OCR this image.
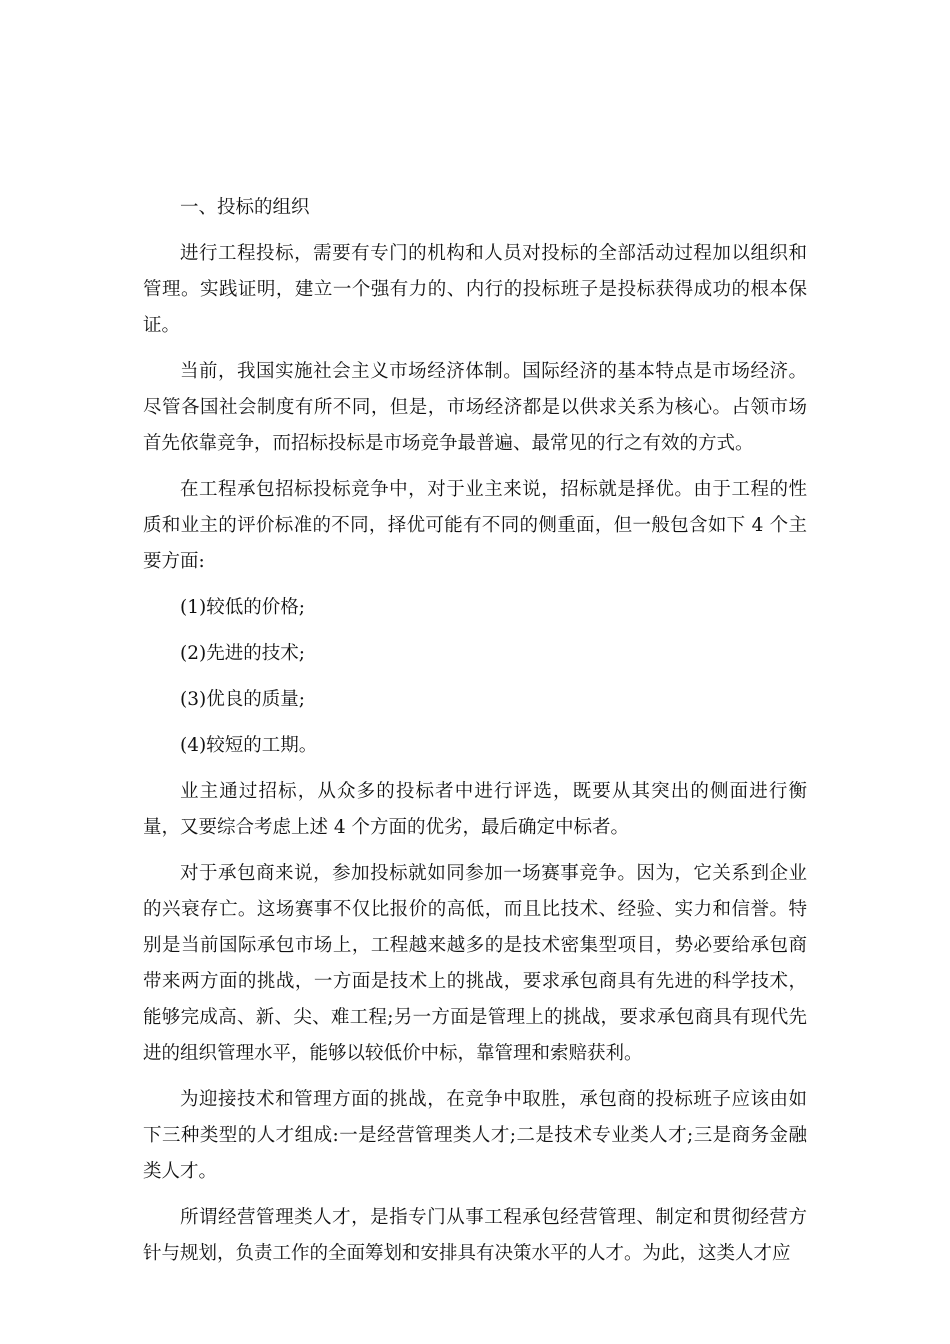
一、投标的组织

进行工程投标，需要有专门的机构和人员对投标的全部活动过程加以组织和管理。实践证明，建立一个强有力的、内行的投标班子是投标获得成功的根本保证。

当前，我国实施社会主义市场经济体制。国际经济的基本特点是市场经济。尽管各国社会制度有所不同，但是，市场经济都是以供求关系为核心。占领市场首先依靠竞争，而招标投标是市场竞争最普遍、最常见的行之有效的方式。

在工程承包招标投标竞争中，对于业主来说，招标就是择优。由于工程的性质和业主的评价标准的不同，择优可能有不同的侧重面，但一般包含如下 4 个主要方面:

(1)较低的价格;

(2)先进的技术;

(3)优良的质量;

(4)较短的工期。

业主通过招标，从众多的投标者中进行评选，既要从其突出的侧面进行衡量，又要综合考虑上述 4 个方面的优劣，最后确定中标者。

对于承包商来说，参加投标就如同参加一场赛事竞争。因为，它关系到企业的兴衰存亡。这场赛事不仅比报价的高低，而且比技术、经验、实力和信誉。特别是当前国际承包市场上，工程越来越多的是技术密集型项目，势必要给承包商带来两方面的挑战，一方面是技术上的挑战，要求承包商具有先进的科学技术，能够完成高、新、尖、难工程;另一方面是管理上的挑战，要求承包商具有现代先进的组织管理水平，能够以较低价中标，靠管理和索赔获利。

为迎接技术和管理方面的挑战，在竞争中取胜，承包商的投标班子应该由如下三种类型的人才组成:一是经营管理类人才;二是技术专业类人才;三是商务金融类人才。

所谓经营管理类人才，是指专门从事工程承包经营管理、制定和贯彻经营方针与规划，负责工作的全面筹划和安排具有决策水平的人才。为此，这类人才应
